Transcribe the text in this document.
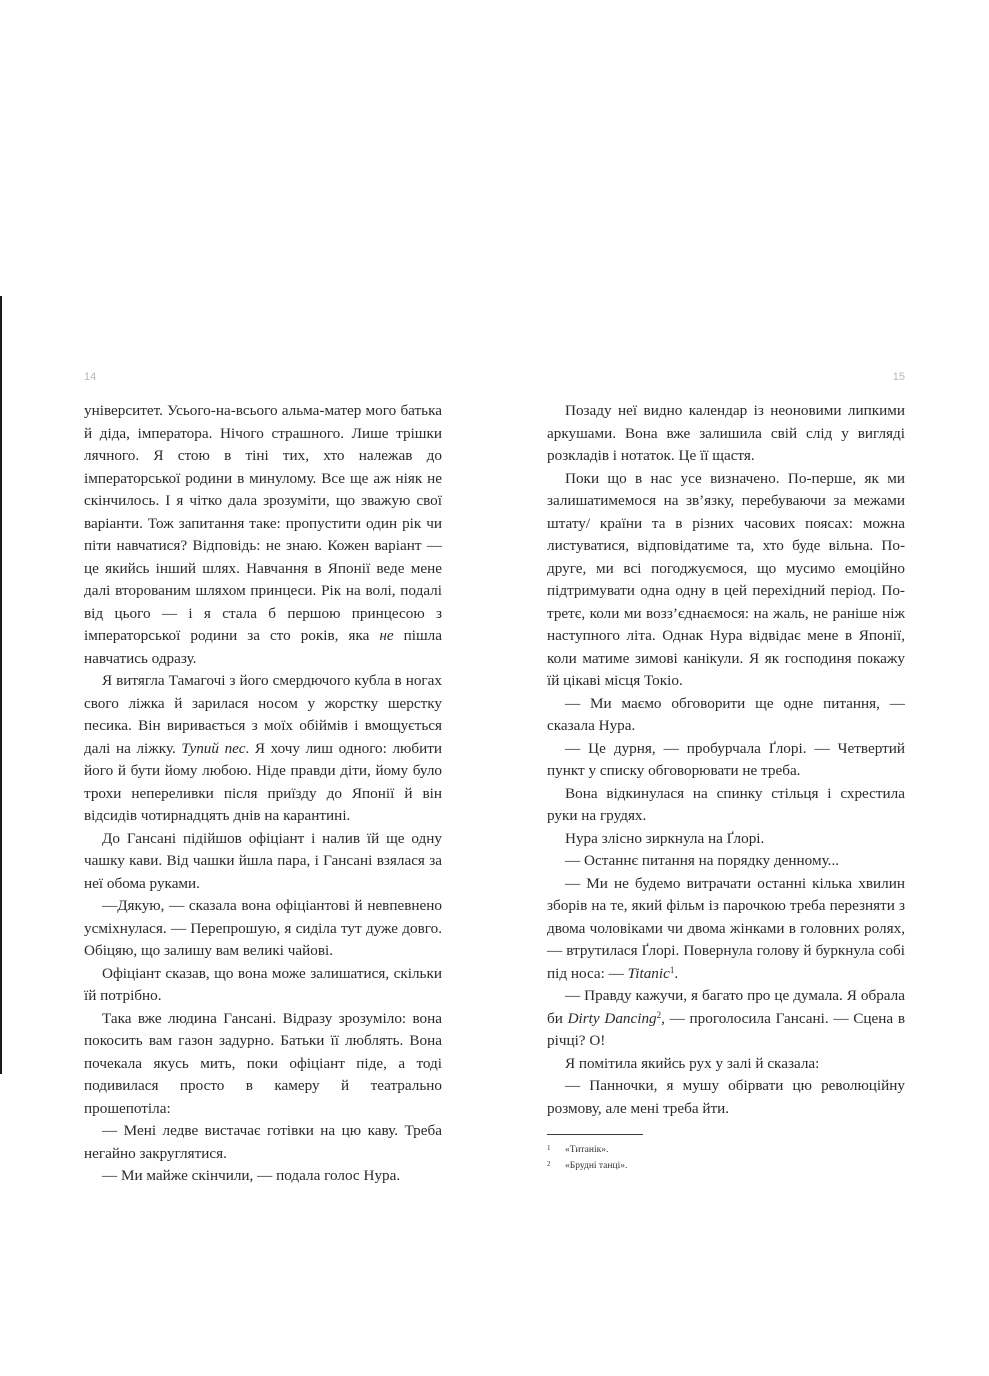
14

університет. Усього-на-всього альма-матер мого батька й діда, імператора. Нічого страшного. Лише трішки лячного. Я стою в тіні тих, хто належав до імператорської родини в минулому. Все ще аж ніяк не скінчилось. І я чітко дала зрозуміти, що зважую свої варіанти. Тож запитання таке: пропустити один рік чи піти навчатися? Відповідь: не знаю. Кожен варіант — це якийсь інший шлях. Навчання в Японії веде мене далі второваним шляхом принцеси. Рік на волі, подалі від цього — і я стала б першою принцесою з імператорської родини за сто років, яка не пішла навчатись одразу.

Я витягла Тамагочі з його смердючого кубла в ногах свого ліжка й зарилася носом у жорстку шерстку песика. Він виривається з моїх обіймів і вмощується далі на ліжку. Тупий пес. Я хочу лиш одного: любити його й бути йому любою. Ніде правди діти, йому було трохи непереливки після приїзду до Японії й він відсидів чотирнадцять днів на карантині.

До Гансані підійшов офіціант і налив їй ще одну чашку кави. Від чашки йшла пара, і Гансані взялася за неї обома руками.

—Дякую, — сказала вона офіціантові й невпевнено усміхнулася. — Перепрошую, я сиділа тут дуже довго. Обіцяю, що залишу вам великі чайові.

Офіціант сказав, що вона може залишатися, скільки їй потрібно.

Така вже людина Гансані. Відразу зрозуміло: вона покосить вам газон задурно. Батьки її люблять. Вона почекала якусь мить, поки офіціант піде, а тоді подивилася просто в камеру й театрально прошепотіла:

— Мені ледве вистачає готівки на цю каву. Треба негайно закруглятися.

— Ми майже скінчили, — подала голос Нура.

15

Позаду неї видно календар із неоновими липкими аркушами. Вона вже залишила свій слід у вигляді розкладів і нотаток. Це її щастя.

Поки що в нас усе визначено. По-перше, як ми залишатимемося на зв’язку, перебуваючи за межами штату/ країни та в різних часових поясах: можна листуватися, відповідатиме та, хто буде вільна. По-друге, ми всі погоджуємося, що мусимо емоційно підтримувати одна одну в цей перехідний період. По-третє, коли ми возз’єднаємося: на жаль, не раніше ніж наступного літа. Однак Нура відвідає мене в Японії, коли матиме зимові канікули. Я як господиня покажу їй цікаві місця Токіо.

— Ми маємо обговорити ще одне питання, — сказала Нура.

— Це дурня, — пробурчала Ґлорі. — Четвертий пункт у списку обговорювати не треба.

Вона відкинулася на спинку стільця і схрестила руки на грудях.

Нура злісно зиркнула на Ґлорі.

— Останнє питання на порядку денному...

— Ми не будемо витрачати останні кілька хвилин зборів на те, який фільм із парочкою треба перезняти з двома чоловіками чи двома жінками в головних ролях, — втрутилася Ґлорі. Повернула голову й буркнула собі під носа: — Titanic$^1$.

— Правду кажучи, я багато про це думала. Я обрала би Dirty Dancing$^2$, — проголосила Гансані. — Сцена в річці? О!

Я помітила якийсь рух у залі й сказала:

— Панночки, я мушу обірвати цю революційну розмову, але мені треба йти.

1 «Титанік».
2 «Брудні танці».
